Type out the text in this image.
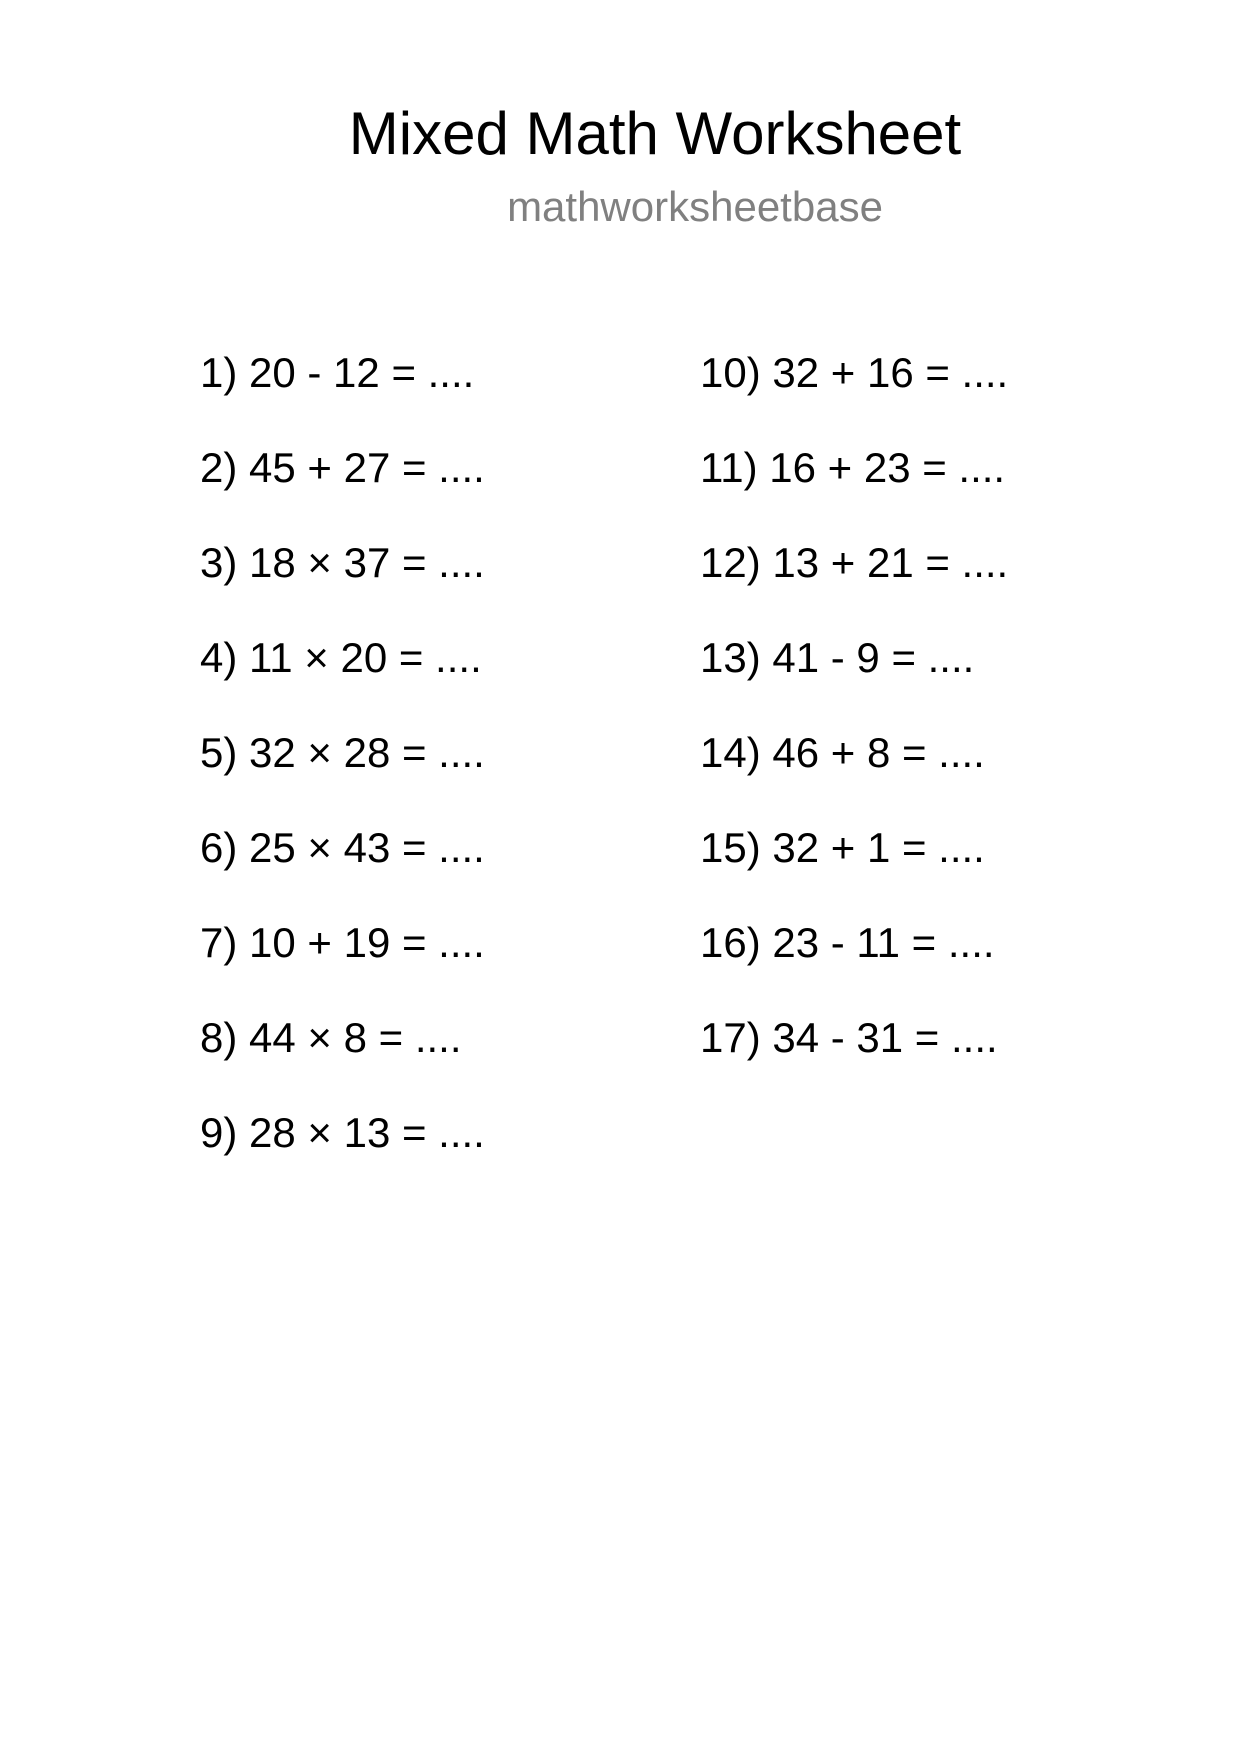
Mixed Math Worksheet
mathworksheetbase
1) 20 - 12 = ....
2) 45 + 27 = ....
3) 18 × 37 = ....
4) 11 × 20 = ....
5) 32 × 28 = ....
6) 25 × 43 = ....
7) 10 + 19 = ....
8) 44 × 8 = ....
9) 28 × 13 = ....
10) 32 + 16 = ....
11) 16 + 23 = ....
12) 13 + 21 = ....
13) 41 - 9 = ....
14) 46 + 8 = ....
15) 32 + 1 = ....
16) 23 - 11 = ....
17) 34 - 31 = ....
